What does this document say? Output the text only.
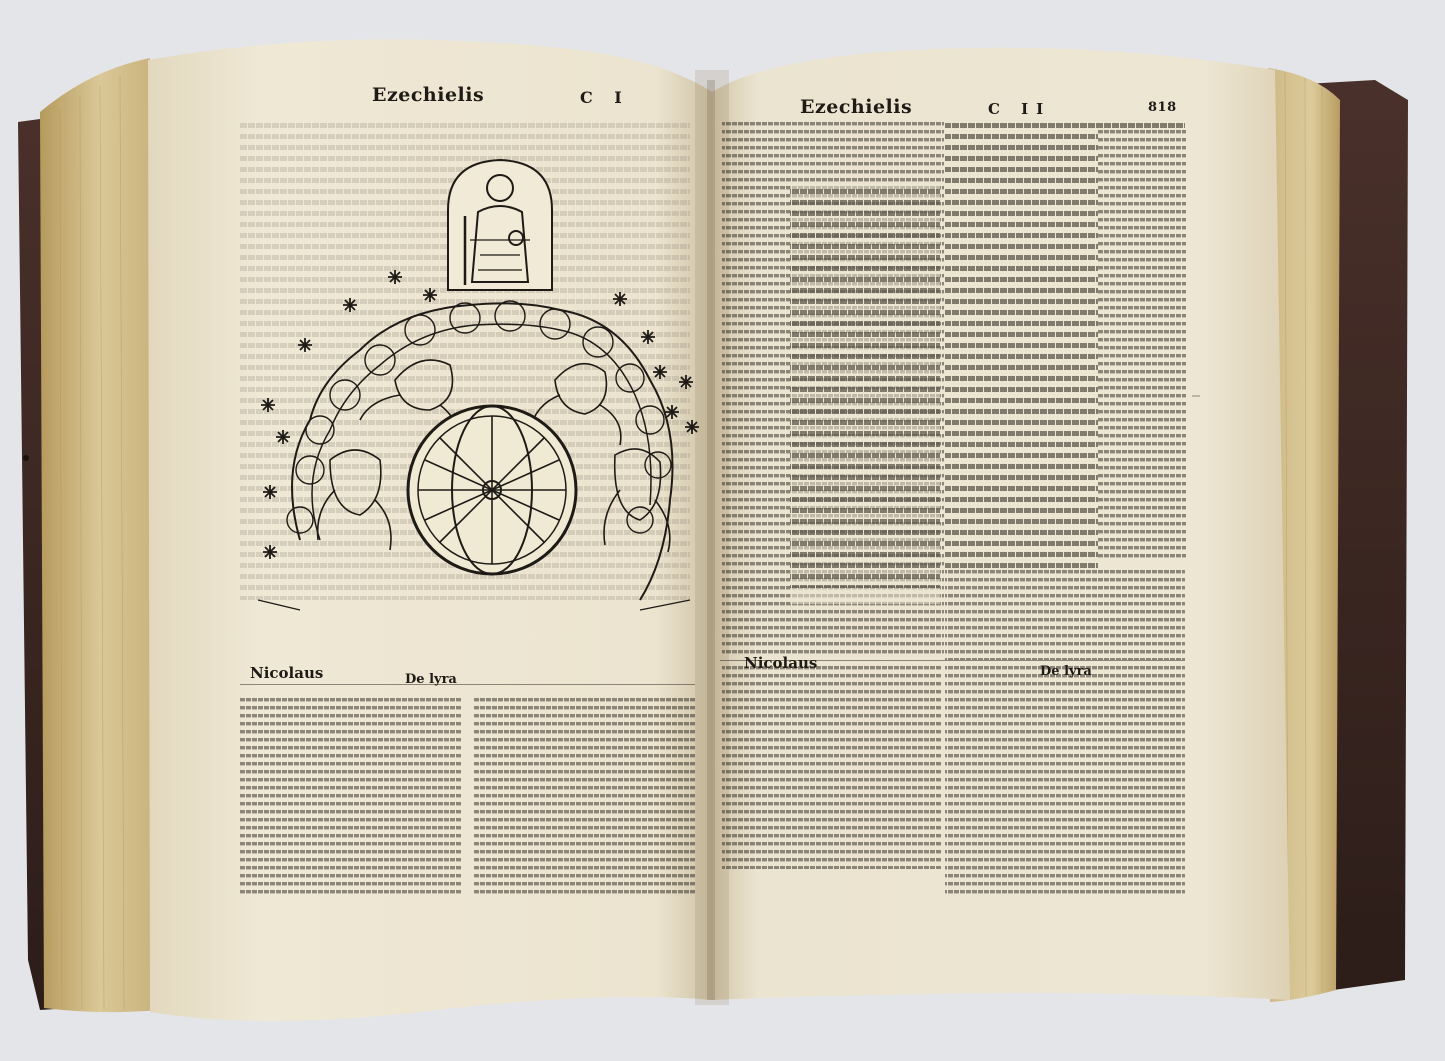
Ezechielis	C I	Ezechielis	C II	818
Nicolaus	De lyra
Nicolaus	De lyra
